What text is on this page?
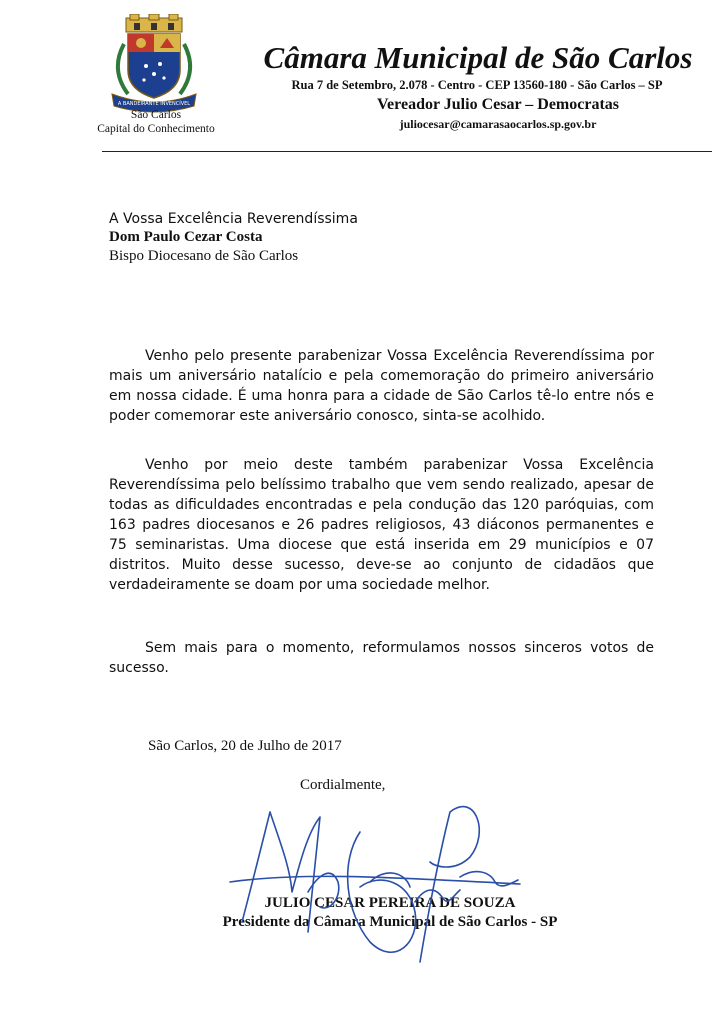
A BANDEIRANTE INVENCÍVEL
São Carlos
Capital do Conhecimento
Câmara Municipal de São Carlos
Rua 7 de Setembro, 2.078 - Centro - CEP 13560-180 - São Carlos – SP
Vereador Julio Cesar – Democratas
juliocesar@camarasaocarlos.sp.gov.br
A Vossa Excelência Reverendíssima
Dom Paulo Cezar Costa
Bispo Diocesano de São Carlos
Venho pelo presente parabenizar Vossa Excelência Reverendíssima por mais um aniversário natalício e pela comemoração do primeiro aniversário em nossa cidade. É uma honra para a cidade de São Carlos tê-lo entre nós e poder comemorar este aniversário conosco, sinta-se acolhido.
Venho por meio deste também parabenizar Vossa Excelência Reverendíssima pelo belíssimo trabalho que vem sendo realizado, apesar de todas as dificuldades encontradas e pela condução das 120 paróquias, com 163 padres diocesanos e 26 padres religiosos, 43 diáconos permanentes e 75 seminaristas. Uma diocese que está inserida em 29 municípios e 07 distritos. Muito desse sucesso, deve-se ao conjunto de cidadãos que verdadeiramente se doam por uma sociedade melhor.
Sem mais para o momento, reformulamos nossos sinceros votos de sucesso.
São Carlos, 20 de Julho de 2017
Cordialmente,
JULIO CESAR PEREIRA DE SOUZA
Presidente da Câmara Municipal de São Carlos - SP
